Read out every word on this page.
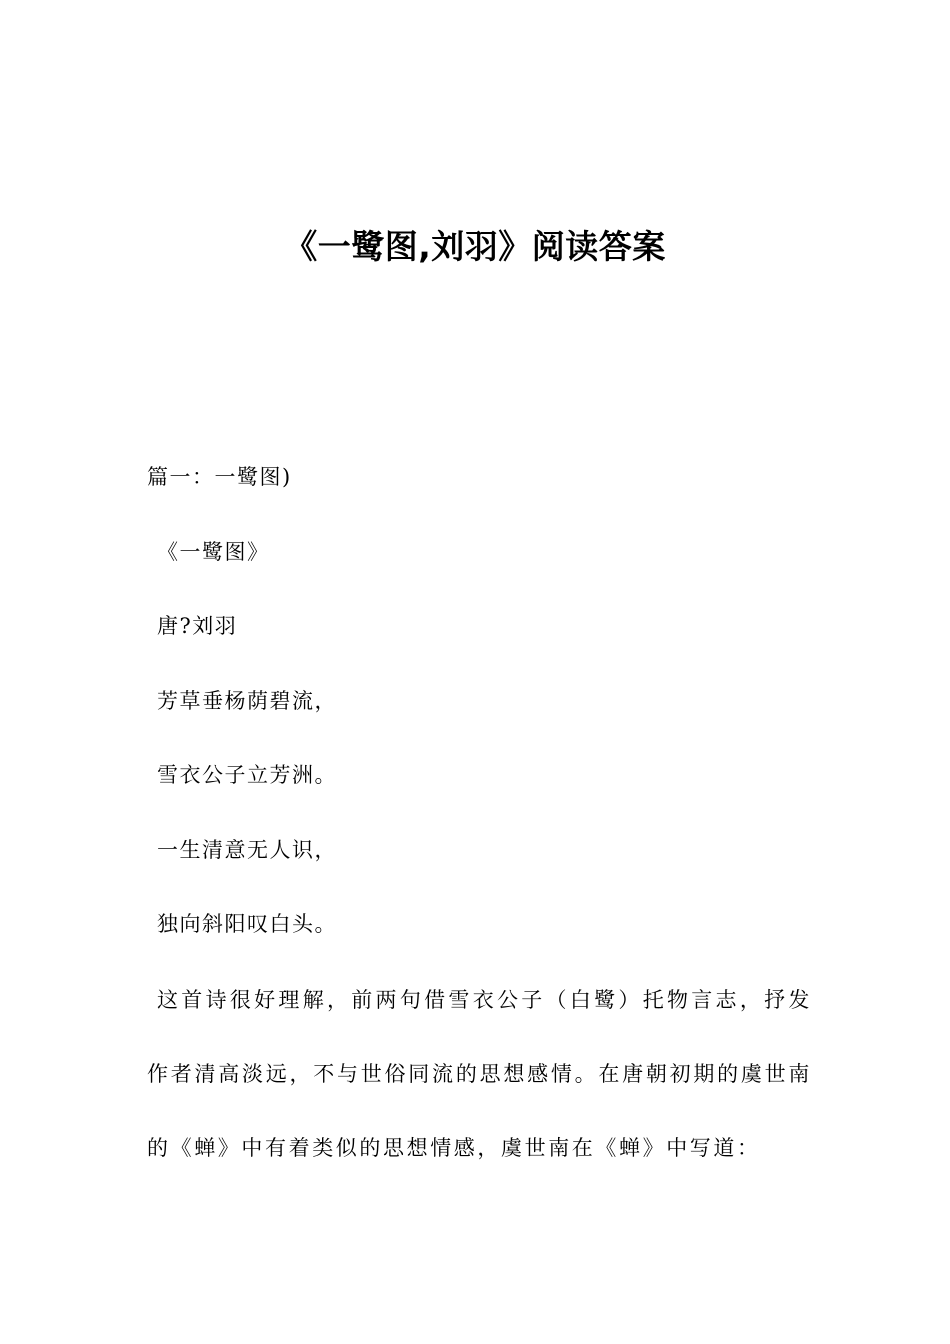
《一鹭图,刘羽》阅读答案

篇一：一鹭图)

《一鹭图》

唐?刘羽

芳草垂杨荫碧流，

雪衣公子立芳洲。

一生清意无人识，

独向斜阳叹白头。

这首诗很好理解，前两句借雪衣公子（白鹭）托物言志，抒发作者清高淡远，不与世俗同流的思想感情。在唐朝初期的虞世南的《蝉》中有着类似的思想情感，虞世南在《蝉》中写道：
